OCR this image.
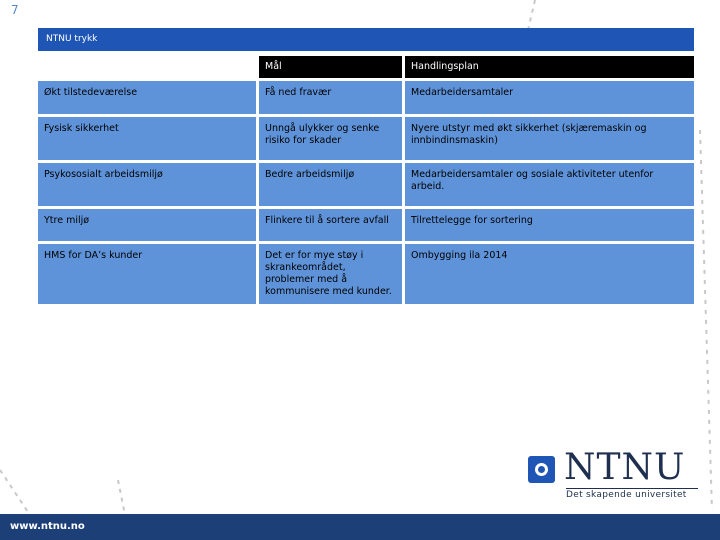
7
NTNU trykk
	Mål	Handlingsplan
Økt tilstedeværelse	Få ned fravær	Medarbeidersamtaler
Fysisk sikkerhet	Unngå ulykker og senke risiko for skader	Nyere utstyr med økt sikkerhet (skjæremaskin og innbindinsmaskin)
Psykososialt arbeidsmiljø	Bedre arbeidsmiljø	Medarbeidersamtaler og sosiale aktiviteter utenfor arbeid.
Ytre miljø	Flinkere til å sortere avfall	Tilrettelegge for sortering
HMS for DA’s kunder	Det er for mye støy i skrankeområdet, problemer med å kommunisere med kunder.	Ombygging ila 2014
NTNU
Det skapende universitet
www.ntnu.no
